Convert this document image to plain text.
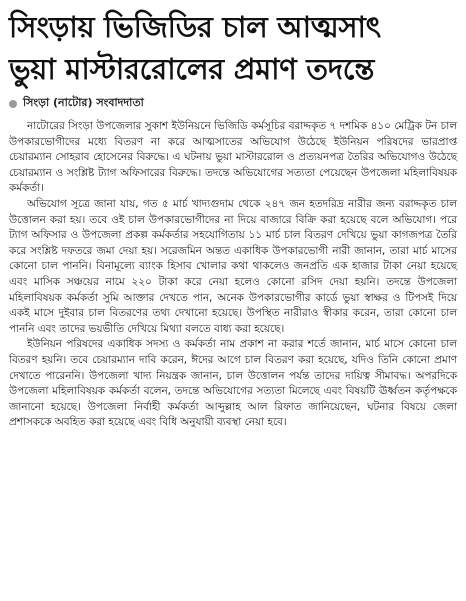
সিংড়ায় ভিজিডির চাল আত্মসাৎ
ভুয়া মাস্টাররোলের প্রমাণ তদন্তে
সিংড়া (নাটোর) সংবাদদাতা

নাটোরের সিংড়া উপজেলার সুকাশ ইউনিয়নে ভিজিডি কর্মসূচির বরাদ্দকৃত ৭ দশমিক ৪১০ মেট্রিক টন চাল উপকারভোগীদের মধ্যে বিতরণ না করে আত্মসাতের অভিযোগ উঠেছে ইউনিয়ন পরিষদের ভারপ্রাপ্ত চেয়ারম্যান সোহরাব হোসেনের বিরুদ্ধে। এ ঘটনায় ভুয়া মাস্টাররোল ও প্রত্যয়নপত্র তৈরির অভিযোগও উঠেছে চেয়ারম্যান ও সংশ্লিষ্ট ট্যাগ অফিসারের বিরুদ্ধে। তদন্তে অভিযোগের সত্যতা পেয়েছেন উপজেলা মহিলাবিষয়ক কর্মকর্তা।

অভিযোগ সূত্রে জানা যায়, গত ৫ মার্চ খাদ্যগুদাম থেকে ২৪৭ জন হতদরিদ্র নারীর জন্য বরাদ্দকৃত চাল উত্তোলন করা হয়। তবে ওই চাল উপকারভোগীদের না দিয়ে বাজারে বিক্রি করা হয়েছে বলে অভিযোগ। পরে ট্যাগ অফিসার ও উপজেলা প্রকল্প কর্মকর্তার সহযোগিতায় ১১ মার্চ চাল বিতরণ দেখিয়ে ভুয়া কাগজপত্র তৈরি করে সংশ্লিষ্ট দফতরে জমা দেয়া হয়। সরেজমিন অন্তত একাধিক উপকারভোগী নারী জানান, তারা মার্চ মাসের কোনো চাল পাননি। বিনামূল্যে ব্যাংক হিসাব খোলার কথা থাকলেও জনপ্রতি এক হাজার টাকা নেয়া হয়েছে এবং মাসিক সঞ্চয়ের নামে ২২০ টাকা করে নেয়া হলেও কোনো রসিদ দেয়া হয়নি। তদন্তে উপজেলা মহিলাবিষয়ক কর্মকর্তা সুমি আক্তার দেখতে পান, অনেক উপকারভোগীর কার্ডে ভুয়া স্বাক্ষর ও টিপসই দিয়ে একই মাসে দুইবার চাল বিতরণের তথ্য দেখানো হয়েছে। উপস্থিত নারীরাও স্বীকার করেন, তারা কোনো চাল পাননি এবং তাদের ভয়ভীতি দেখিয়ে মিথ্যা বলতে বাধ্য করা হয়েছে।

ইউনিয়ন পরিষদের একাধিক সদস্য ও কর্মকর্তা নাম প্রকাশ না করার শর্তে জানান, মার্চ মাসে কোনো চাল বিতরণ হয়নি। তবে চেয়ারম্যান দাবি করেন, ঈদের আগে চাল বিতরণ করা হয়েছে, যদিও তিনি কোনো প্রমাণ দেখাতে পারেননি। উপজেলা খাদ্য নিয়ন্ত্রক জানান, চাল উত্তোলন পর্যন্ত তাদের দায়িত্ব সীমাবদ্ধ। অপরদিকে উপজেলা মহিলাবিষয়ক কর্মকর্তা বলেন, তদন্তে অভিযোগের সত্যতা মিলেছে এবং বিষয়টি ঊর্ধ্বতন কর্তৃপক্ষকে জানানো হয়েছে। উপজেলা নির্বাহী কর্মকর্তা আব্দুল্লাহ আল রিফাত জানিয়েছেন, ঘটনার বিষয়ে জেলা প্রশাসককে অবহিত করা হয়েছে এবং বিধি অনুযায়ী ব্যবস্থা নেয়া হবে।
